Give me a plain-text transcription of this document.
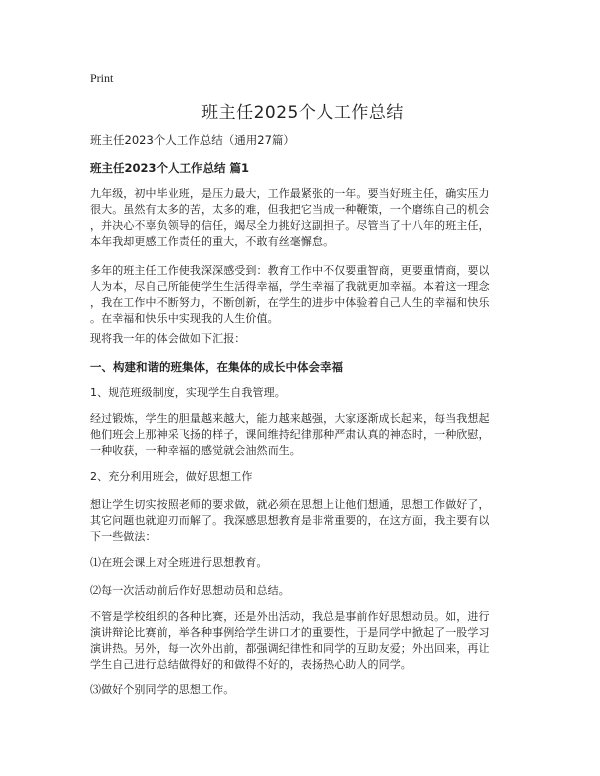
Print
班主任2025个人工作总结

班主任2023个人工作总结（通用27篇）

班主任2023个人工作总结 篇1

九年级，初中毕业班，是压力最大，工作最紧张的一年。要当好班主任，确实压力
很大。虽然有太多的苦，太多的难，但我把它当成一种鞭策，一个磨练自己的机会
，并决心不辜负领导的信任，竭尽全力挑好这副担子。尽管当了十八年的班主任，
本年我却更感工作责任的重大，不敢有丝毫懈怠。

多年的班主任工作使我深深感受到：教育工作中不仅要重智商，更要重情商，要以
人为本，尽自己所能使学生生活得幸福，学生幸福了我就更加幸福。本着这一理念
，我在工作中不断努力，不断创新，在学生的进步中体验着自己人生的幸福和快乐
。在幸福和快乐中实现我的人生价值。

现将我一年的体会做如下汇报：

一、构建和谐的班集体，在集体的成长中体会幸福

1、规范班级制度，实现学生自我管理。

经过锻炼，学生的胆量越来越大，能力越来越强，大家逐渐成长起来，每当我想起
他们班会上那神采飞扬的样子，课间维持纪律那种严肃认真的神态时，一种欣慰，
一种收获，一种幸福的感觉就会油然而生。

2、充分利用班会，做好思想工作

想让学生切实按照老师的要求做，就必须在思想上让他们想通，思想工作做好了，
其它问题也就迎刃而解了。我深感思想教育是非常重要的，在这方面，我主要有以
下一些做法：

⑴在班会课上对全班进行思想教育。

⑵每一次活动前后作好思想动员和总结。

不管是学校组织的各种比赛，还是外出活动，我总是事前作好思想动员。如，进行
演讲辩论比赛前，举各种事例给学生讲口才的重要性，于是同学中掀起了一股学习
演讲热。另外，每一次外出前，都强调纪律性和同学的互助友爱；外出回来，再让
学生自己进行总结做得好的和做得不好的，表扬热心助人的同学。

⑶做好个别同学的思想工作。
